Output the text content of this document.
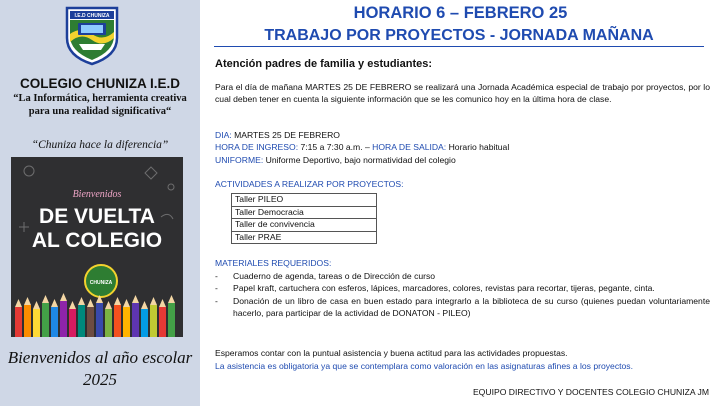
I.E.D CHUNIZA
COLEGIO CHUNIZA I.E.D
“La Informática, herramienta creativa para una realidad significativa“
“Chuniza hace la diferencia”
Bienvenidos
DE VUELTA
AL COLEGIO
CHUNIZA
Bienvenidos al año escolar 2025
HORARIO 6 – FEBRERO 25
TRABAJO POR PROYECTOS - JORNADA MAÑANA
Atención padres de familia y estudiantes:
Para el día de mañana MARTES 25 DE FEBRERO se realizará una Jornada Académica especial de trabajo por proyectos, por lo cual deben tener en cuenta la siguiente información que se les comunico hoy en la última hora de clase.
DIA: MARTES 25 DE FEBRERO
HORA DE INGRESO: 7:15 a 7:30 a.m. – HORA DE SALIDA: Horario habitual
UNIFORME: Uniforme Deportivo, bajo normatividad del colegio
ACTIVIDADES A REALIZAR POR PROYECTOS:
Taller PILEO
Taller Democracia
Taller de convivencia
Taller PRAE
MATERIALES REQUERIDOS:
- Cuaderno de agenda, tareas o de Dirección de curso
- Papel kraft, cartuchera con esferos, lápices, marcadores, colores, revistas para recortar, tijeras, pegante, cinta.
- Donación de un libro de casa en buen estado para integrarlo a la biblioteca de su curso (quienes puedan voluntariamente hacerlo, para participar de la actividad de DONATON - PILEO)
Esperamos contar con la puntual asistencia y buena actitud para las actividades propuestas.
La asistencia es obligatoria ya que se contemplara como valoración en las asignaturas afines a los proyectos.
EQUIPO DIRECTIVO Y DOCENTES COLEGIO CHUNIZA JM
